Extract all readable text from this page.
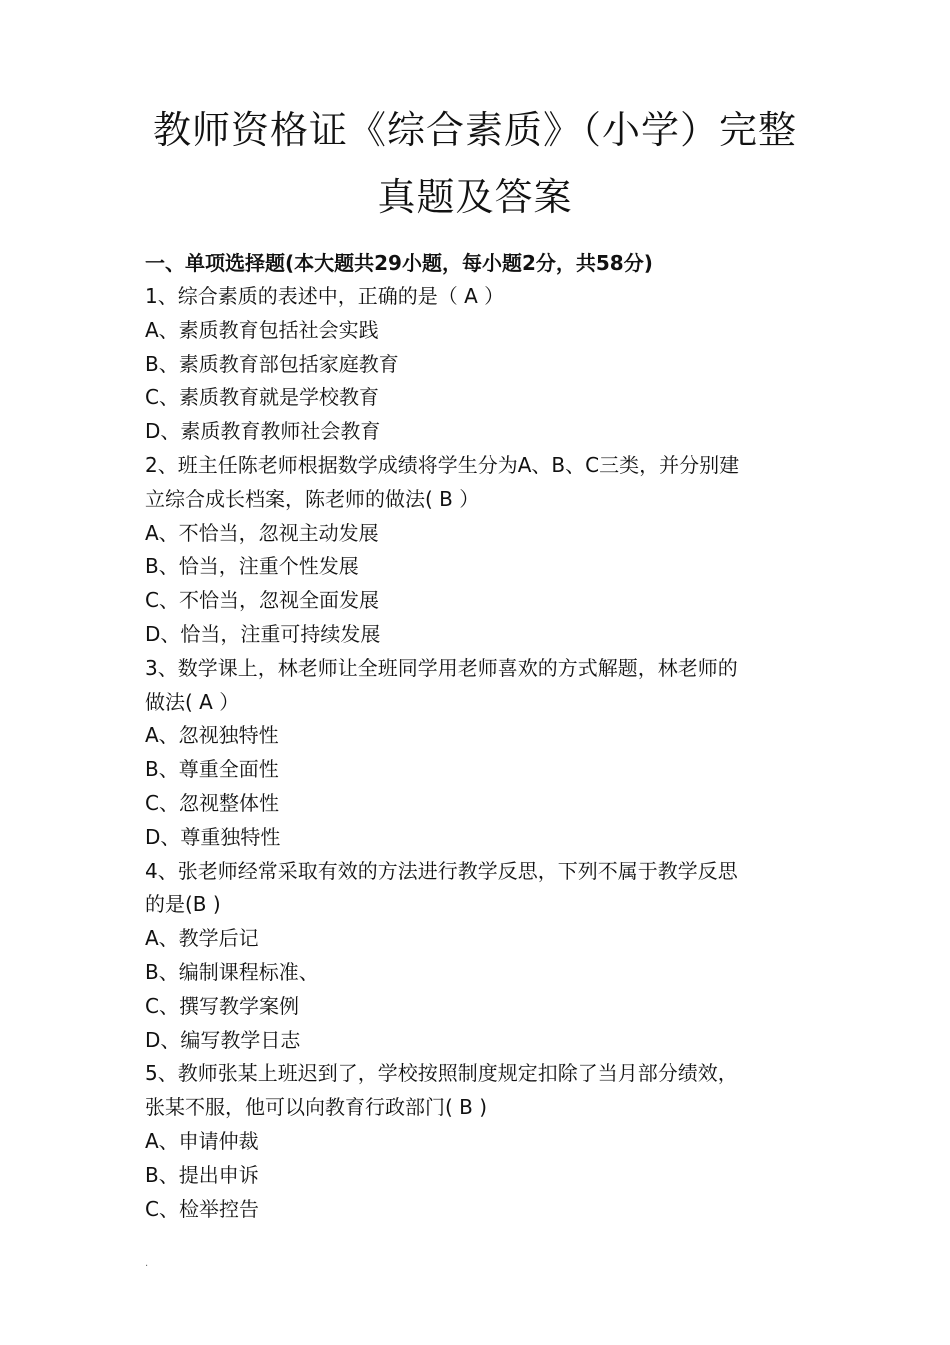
教师资格证《综合素质》（小学）完整
真题及答案

一、单项选择题(本大题共29小题，每小题2分，共58分)

1、综合素质的表述中，正确的是（ A ）

A、素质教育包括社会实践

B、素质教育部包括家庭教育

C、素质教育就是学校教育

D、素质教育教师社会教育

2、班主任陈老师根据数学成绩将学生分为A、B、C三类，并分别建

立综合成长档案，陈老师的做法( B ）

A、不恰当，忽视主动发展

B、恰当，注重个性发展

C、不恰当，忽视全面发展

D、恰当，注重可持续发展

3、数学课上，林老师让全班同学用老师喜欢的方式解题，林老师的

做法( A ）

A、忽视独特性

B、尊重全面性

C、忽视整体性

D、尊重独特性

4、张老师经常采取有效的方法进行教学反思，下列不属于教学反思

的是(B )

A、教学后记

B、编制课程标准、

C、撰写教学案例

D、编写教学日志

5、教师张某上班迟到了，学校按照制度规定扣除了当月部分绩效，

张某不服，他可以向教育行政部门( B )

A、申请仲裁

B、提出申诉

C、检举控告

.
